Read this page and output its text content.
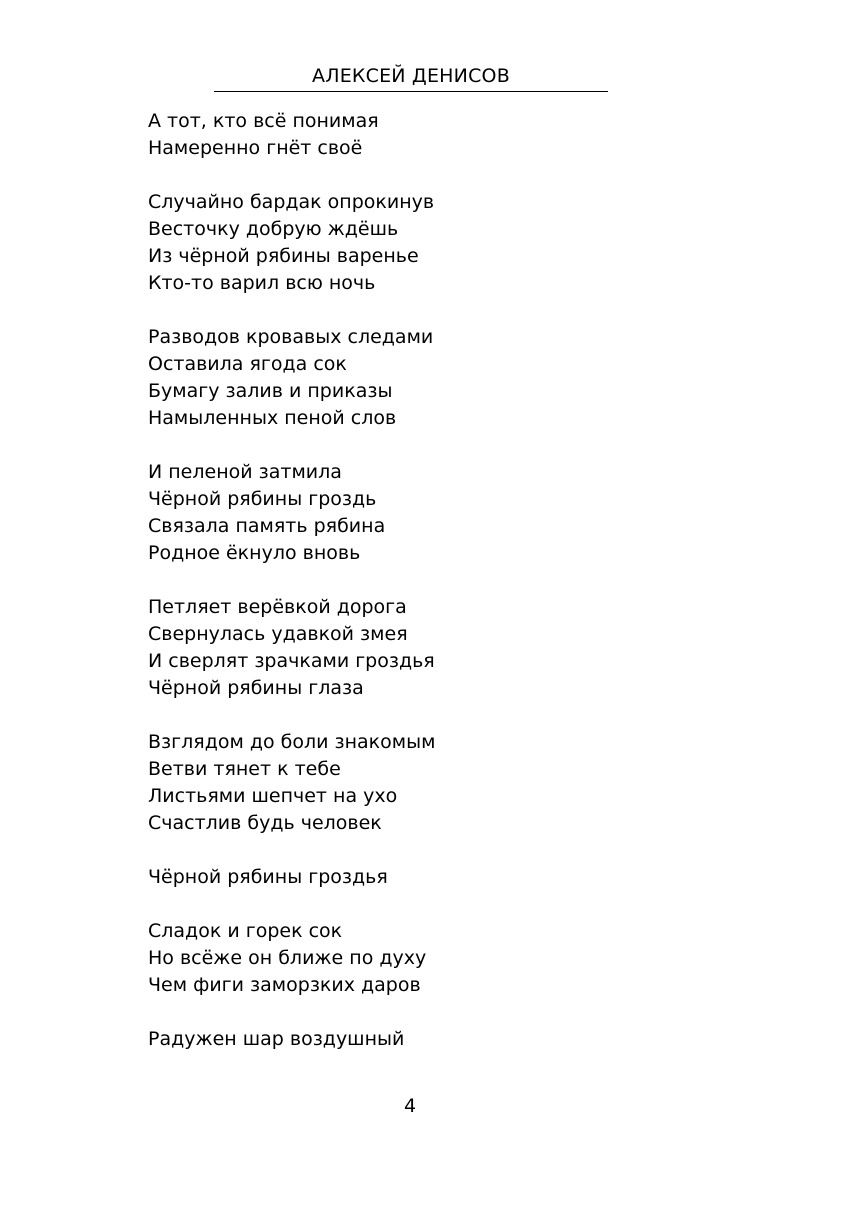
АЛЕКСЕЙ ДЕНИСОВ
А тот, кто всё понимая
Намеренно гнёт своё
Случайно бардак опрокинув
Весточку добрую ждёшь
Из чёрной рябины варенье
Кто-то варил всю ночь
Разводов кровавых следами
Оставила ягода сок
Бумагу залив и приказы
Намыленных пеной слов
И пеленой затмила
Чёрной рябины гроздь
Связала память рябина
Родное ёкнуло вновь
Петляет верёвкой дорога
Свернулась удавкой змея
И сверлят зрачками гроздья
Чёрной рябины глаза
Взглядом до боли знакомым
Ветви тянет к тебе
Листьями шепчет на ухо
Счастлив будь человек
Чёрной рябины гроздья
Сладок и горек сок
Но всёже он ближе по духу
Чем фиги заморзких даров
Радужен шар воздушный
4
